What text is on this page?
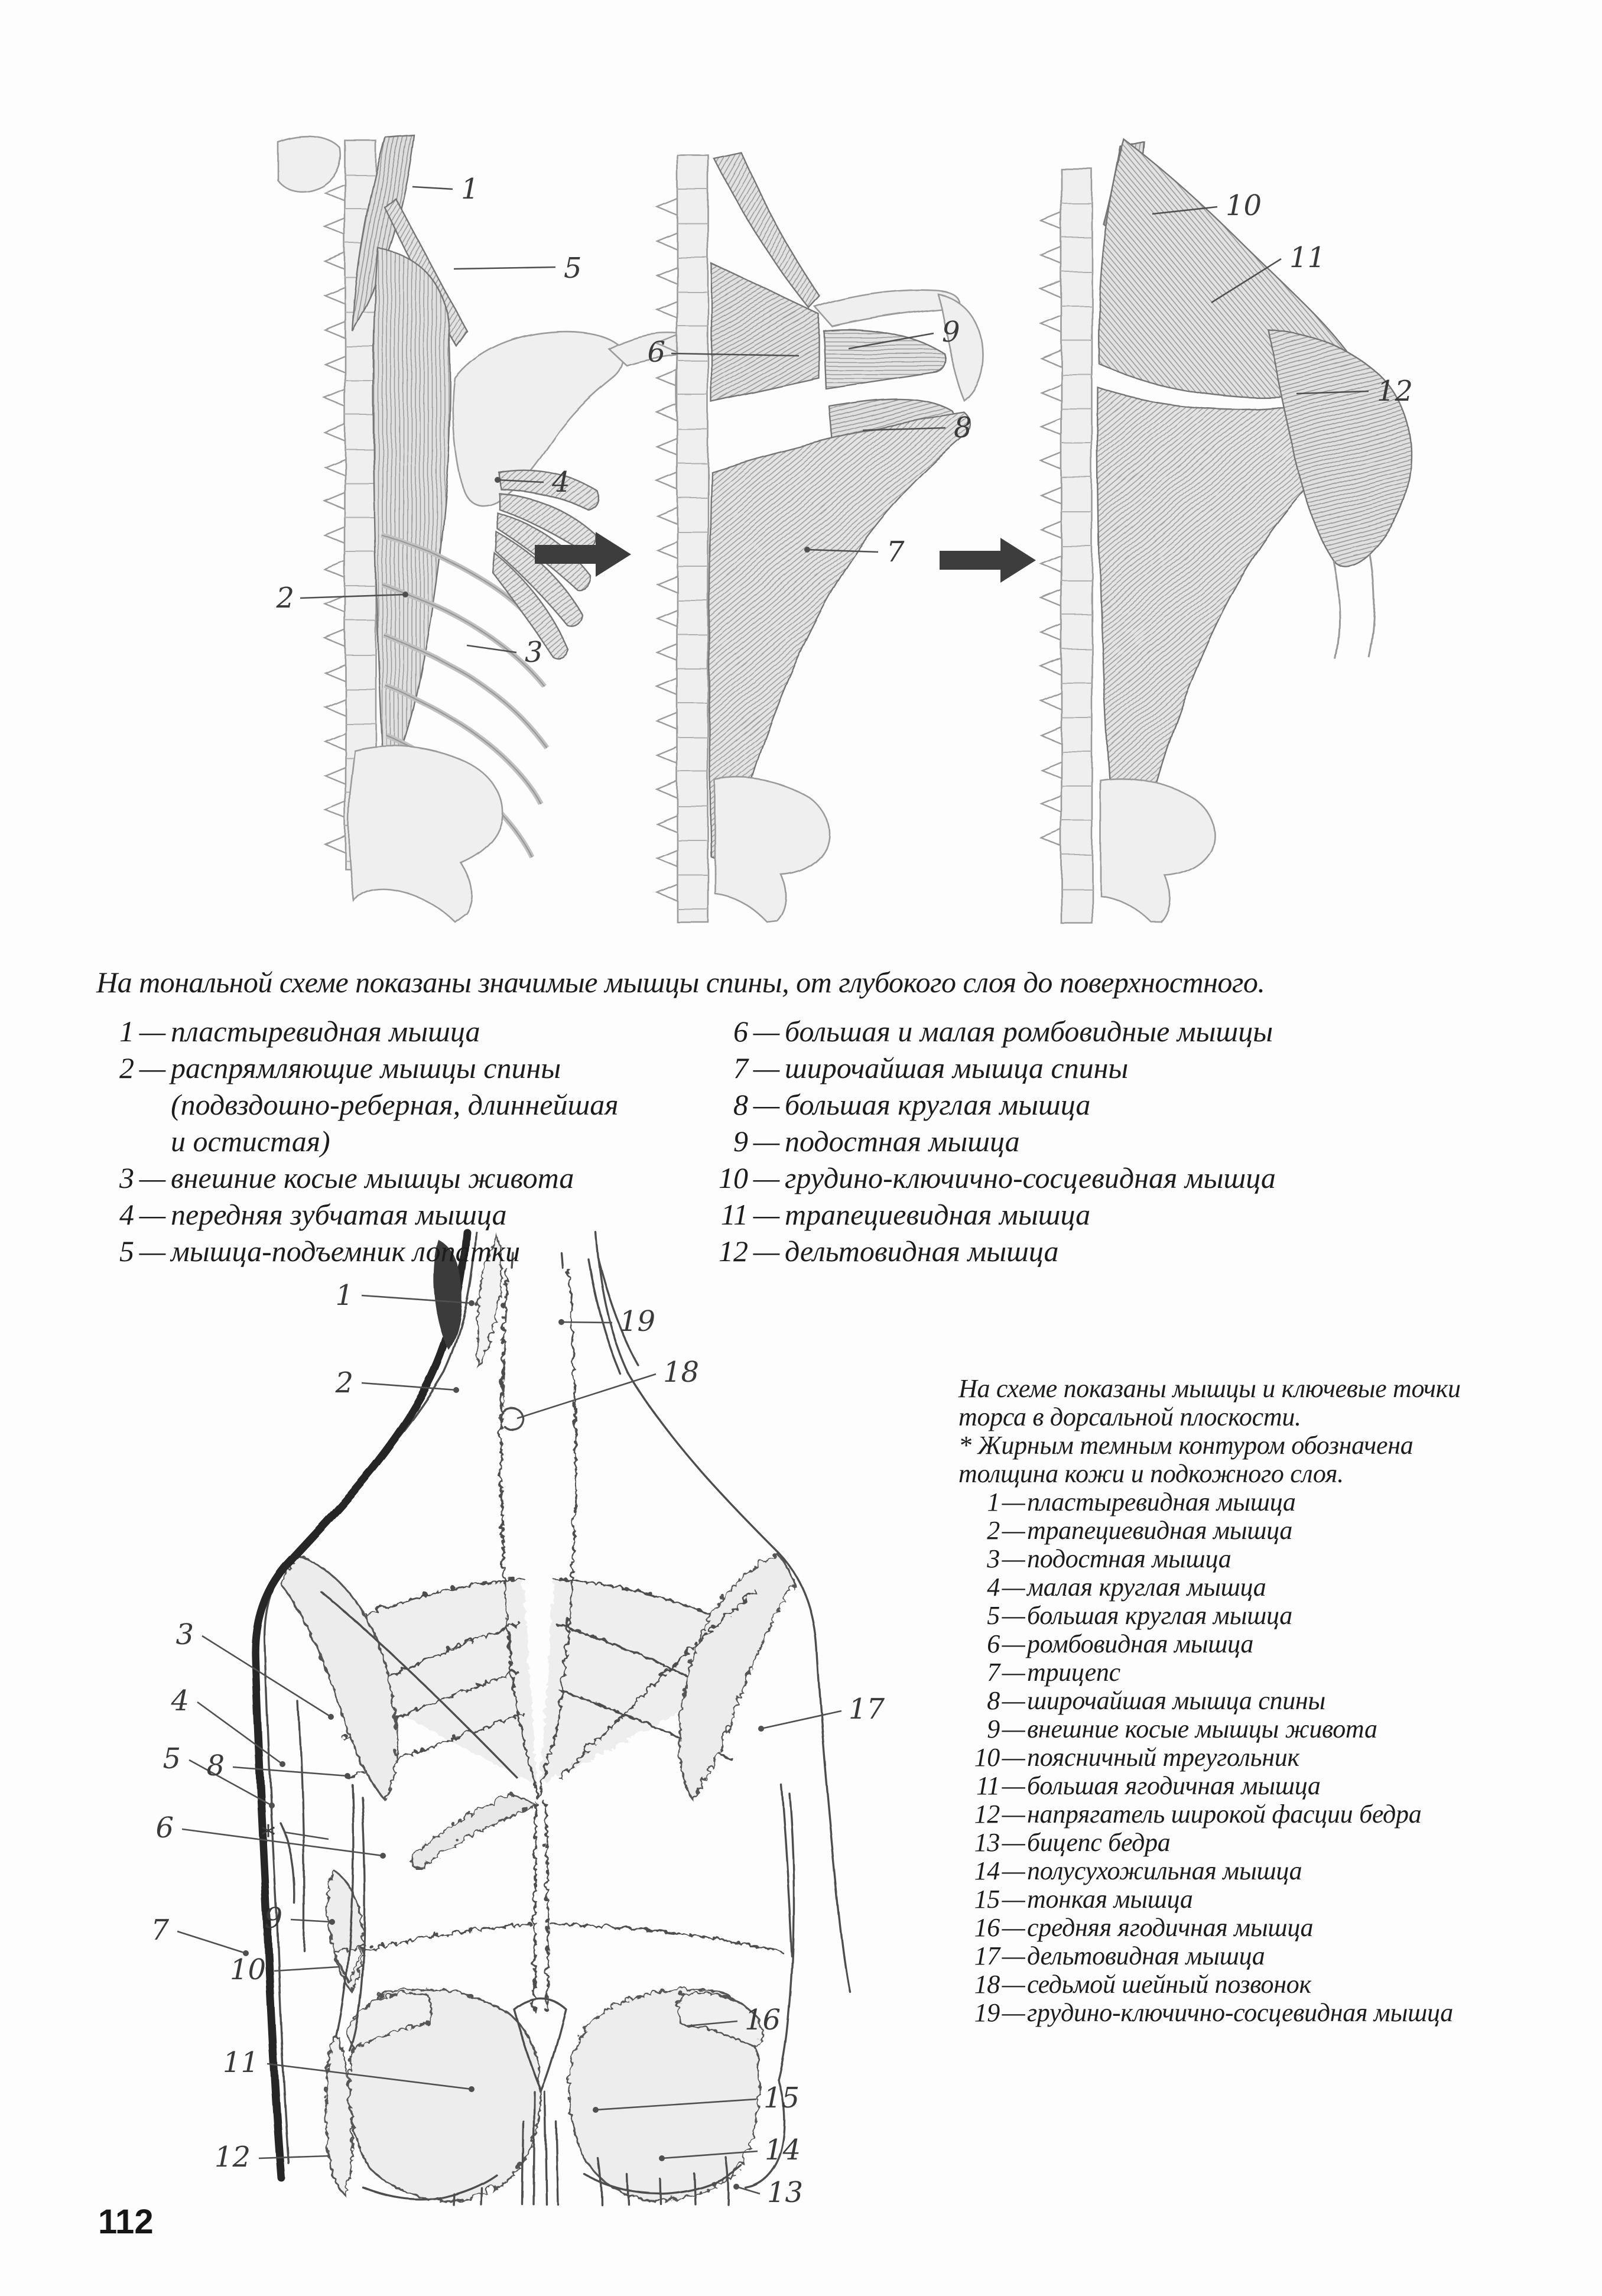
1
5
2
4
3
6
9
8
7
10
11
12
1
19
2	18
3
17
4
5
6
7
8
*
9
10
11
12
16
15
14
13
На тональной схеме показаны значимые мышцы спины, от глубокого слоя до поверхностного.
1 — пластыревидная мышца
2 — распрямляющие мышцы спины
(подвздошно-реберная, длиннейшая
и остистая)
3 — внешние косые мышцы живота
4 — передняя зубчатая мышца
5 — мышца-подъемник лопатки
6 — большая и малая ромбовидные мышцы
7 — широчайшая мышца спины
8 — большая круглая мышца
9 — подостная мышца
10 — грудино-ключично-сосцевидная мышца
11 — трапециевидная мышца
12 — дельтовидная мышца
На схеме показаны мышцы и ключевые точки
торса в дорсальной плоскости.
* Жирным темным контуром обозначена
толщина кожи и подкожного слоя.
1 — пластыревидная мышца
2 — трапециевидная мышца
3 — подостная мышца
4 — малая круглая мышца
5 — большая круглая мышца
6 — ромбовидная мышца
7 — трицепс
8 — широчайшая мышца спины
9 — внешние косые мышцы живота
10 — поясничный треугольник
11 — большая ягодичная мышца
12 — напрягатель широкой фасции бедра
13 — бицепс бедра
14 — полусухожильная мышца
15 — тонкая мышца
16 — средняя ягодичная мышца
17 — дельтовидная мышца
18 — седьмой шейный позвонок
19 — грудино-ключично-сосцевидная мышца
112
